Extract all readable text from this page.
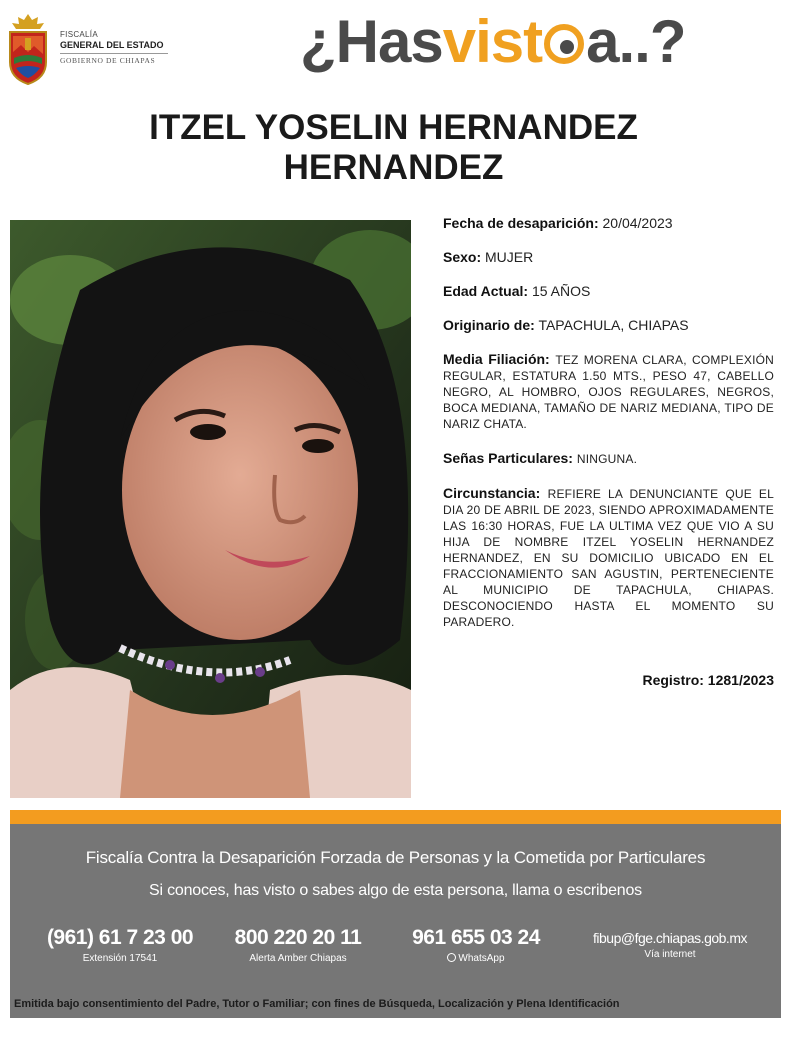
FISCALÍA
GENERAL DEL ESTADO
GOBIERNO DE CHIAPAS ¿Hasvist a..?
ITZEL YOSELIN HERNANDEZ
HERNANDEZ
Fecha de desaparición: 20/04/2023
Sexo: MUJER
Edad Actual: 15 AÑOS
Originario de: TAPACHULA, CHIAPAS
Media Filiación: TEZ MORENA CLARA, COMPLEXIÓN REGULAR, ESTATURA 1.50 MTS., PESO 47, CABELLO NEGRO, AL HOMBRO, OJOS REGULARES, NEGROS, BOCA MEDIANA, TAMAÑO DE NARIZ MEDIANA, TIPO DE NARIZ CHATA.
Señas Particulares: NINGUNA.
Circunstancia: REFIERE LA DENUNCIANTE QUE EL DIA 20 DE ABRIL DE 2023, SIENDO APROXIMADAMENTE LAS 16:30 HORAS, FUE LA ULTIMA VEZ QUE VIO A SU HIJA DE NOMBRE ITZEL YOSELIN HERNANDEZ HERNANDEZ, EN SU DOMICILIO UBICADO EN EL FRACCIONAMIENTO SAN AGUSTIN, PERTENECIENTE AL MUNICIPIO DE TAPACHULA, CHIAPAS. DESCONOCIENDO HASTA EL MOMENTO SU PARADERO.
Registro: 1281/2023
Fiscalía Contra la Desaparición Forzada de Personas y la Cometida por Particulares
Si conoces, has visto o sabes algo de esta persona, llama o escribenos
(961) 61 7 23 00
Extensión 17541
800 220 20 11
Alerta Amber Chiapas
961 655 03 24
WhatsApp
fibup@fge.chiapas.gob.mx
Vía internet
Emitida bajo consentimiento del Padre, Tutor o Familiar; con fines de Búsqueda, Localización y Plena Identificación
